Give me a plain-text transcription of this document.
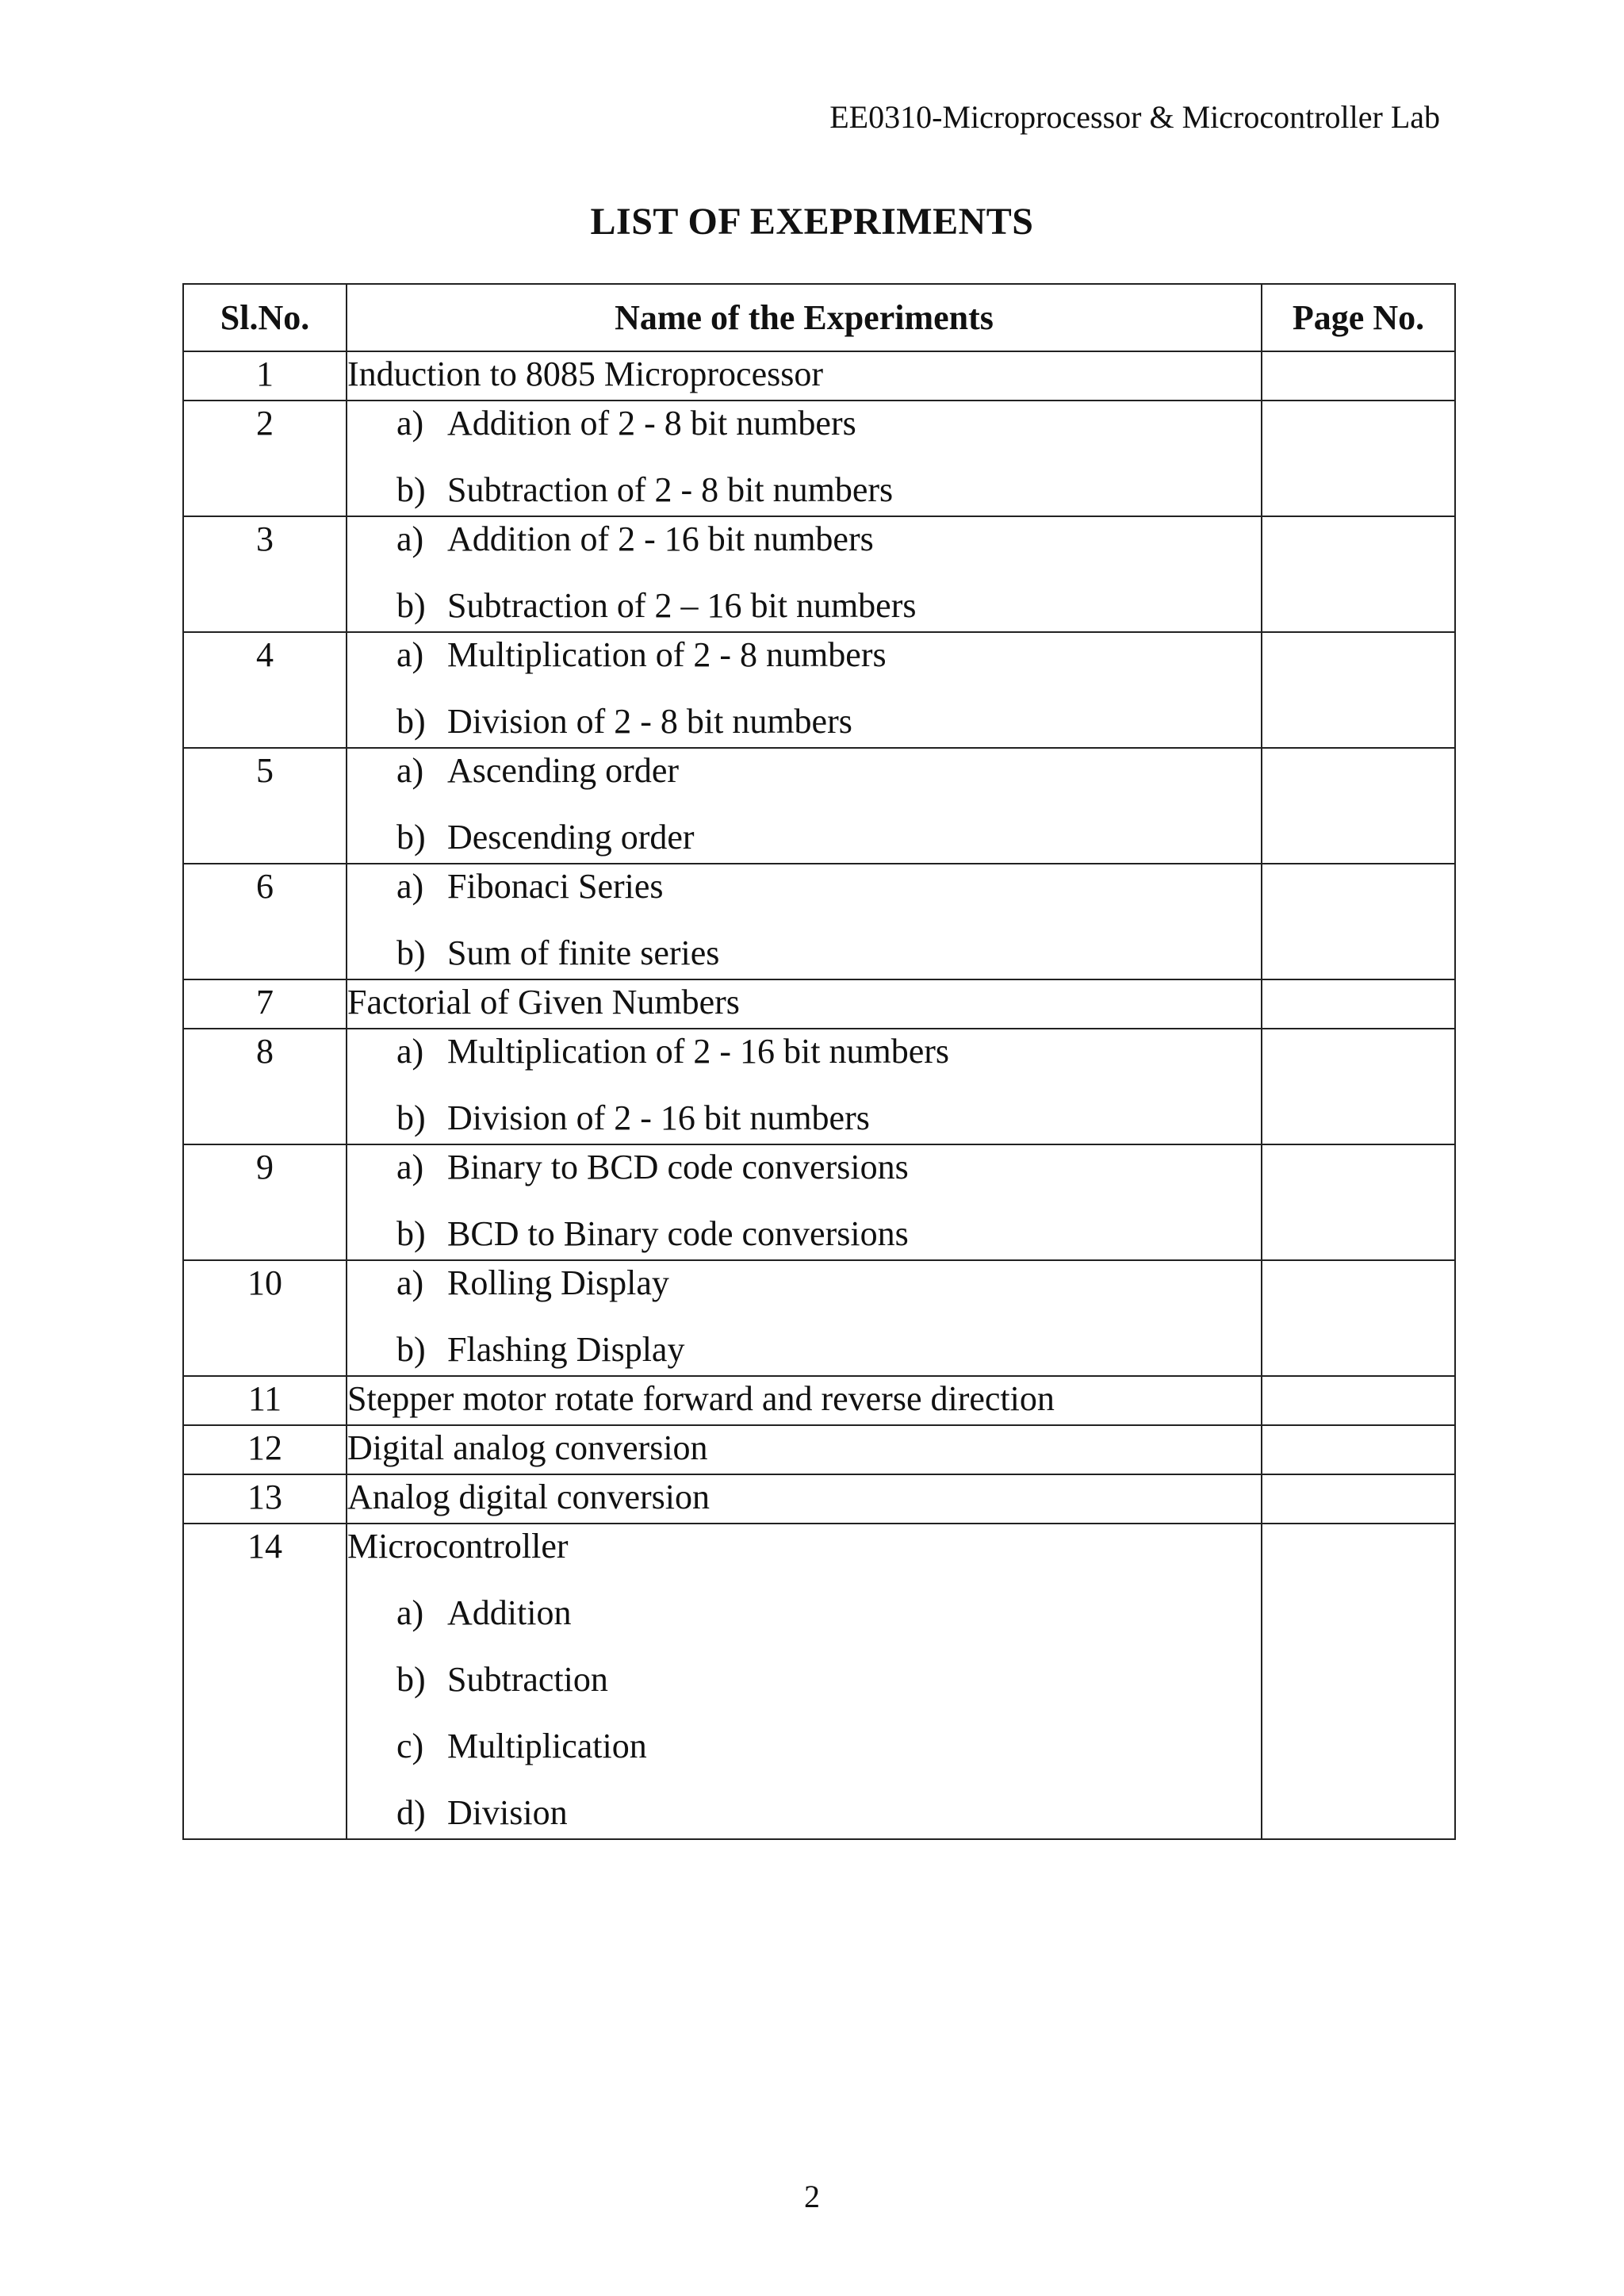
EE0310-Microprocessor & Microcontroller Lab
LIST OF EXEPRIMENTS
Sl.No.	Name of the Experiments	Page No.
1	Induction to 8085 Microprocessor	

2	a) Addition of 2 - 8 bit numbers
b) Subtraction of 2 - 8 bit numbers	

3	a) Addition of 2 - 16 bit numbers
b) Subtraction of 2 – 16 bit numbers	

4	a) Multiplication of 2 - 8 numbers
b) Division of 2 - 8 bit numbers	

5	a) Ascending order
b) Descending order	

6	a) Fibonaci Series
b) Sum of finite series	

7	Factorial of Given Numbers	

8	a) Multiplication of 2 - 16 bit numbers
b) Division of 2 - 16 bit numbers	

9	a) Binary to BCD code conversions
b) BCD to Binary code conversions	

10	a) Rolling Display
b) Flashing Display	

11	Stepper motor rotate forward and reverse direction	

12	Digital analog conversion	

13	Analog digital conversion	

14	Microcontroller
a) Addition
b) Subtraction
c) Multiplication
d) Division	

2
